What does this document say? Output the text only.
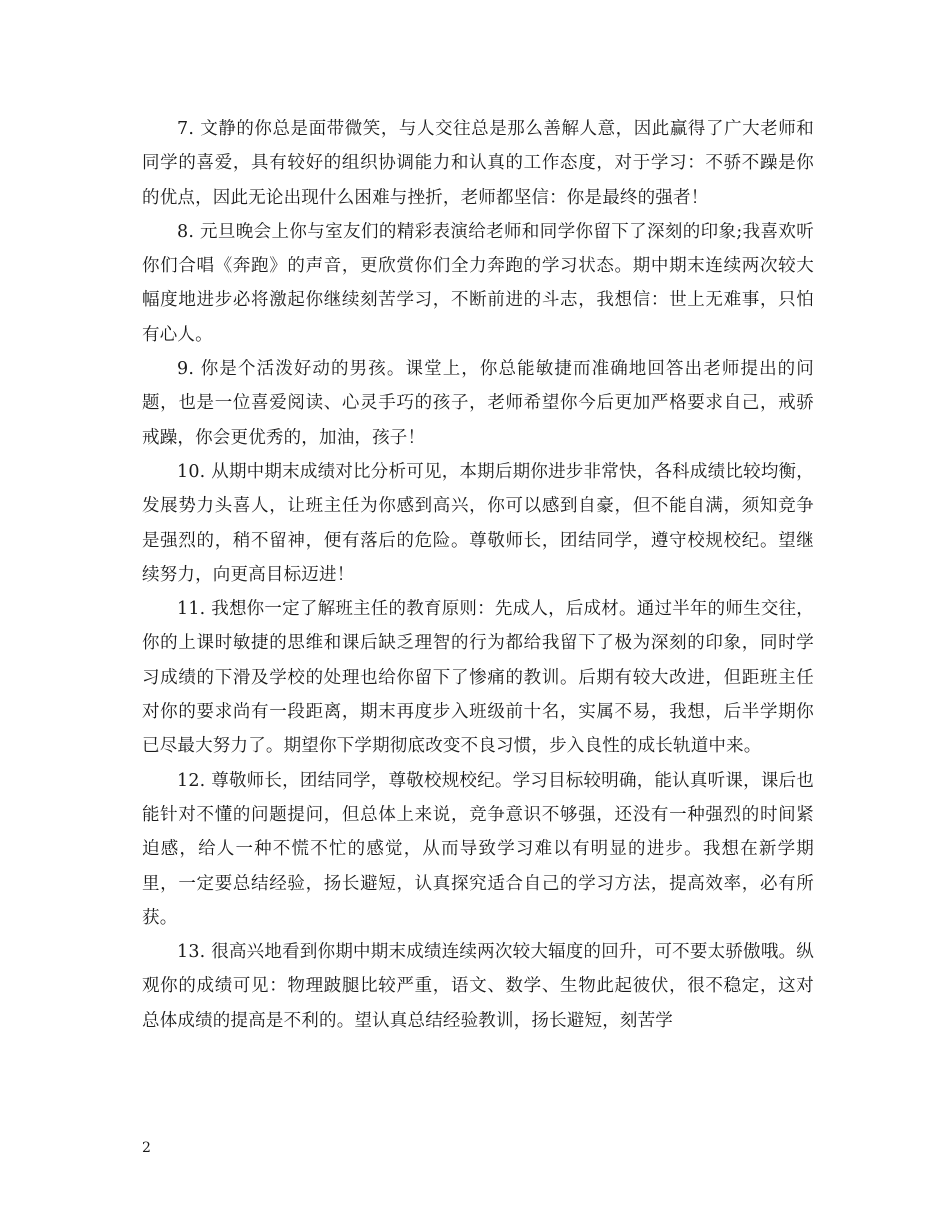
7. 文静的你总是面带微笑，与人交往总是那么善解人意，因此赢得了广大老师和同学的喜爱，具有较好的组织协调能力和认真的工作态度，对于学习：不骄不躁是你的优点，因此无论出现什么困难与挫折，老师都坚信：你是最终的强者！

8. 元旦晚会上你与室友们的精彩表演给老师和同学你留下了深刻的印象;我喜欢听你们合唱《奔跑》的声音，更欣赏你们全力奔跑的学习状态。期中期末连续两次较大幅度地进步必将激起你继续刻苦学习，不断前进的斗志，我想信：世上无难事，只怕有心人。

9. 你是个活泼好动的男孩。课堂上，你总能敏捷而准确地回答出老师提出的问题，也是一位喜爱阅读、心灵手巧的孩子，老师希望你今后更加严格要求自己，戒骄戒躁，你会更优秀的，加油，孩子！

10. 从期中期末成绩对比分析可见，本期后期你进步非常快，各科成绩比较均衡，发展势力头喜人，让班主任为你感到高兴，你可以感到自豪，但不能自满，须知竞争是强烈的，稍不留神，便有落后的危险。尊敬师长，团结同学，遵守校规校纪。望继续努力，向更高目标迈进！

11. 我想你一定了解班主任的教育原则：先成人，后成材。通过半年的师生交往，你的上课时敏捷的思维和课后缺乏理智的行为都给我留下了极为深刻的印象，同时学习成绩的下滑及学校的处理也给你留下了惨痛的教训。后期有较大改进，但距班主任对你的要求尚有一段距离，期末再度步入班级前十名，实属不易，我想，后半学期你已尽最大努力了。期望你下学期彻底改变不良习惯，步入良性的成长轨道中来。

12. 尊敬师长，团结同学，尊敬校规校纪。学习目标较明确，能认真听课，课后也能针对不懂的问题提问，但总体上来说，竞争意识不够强，还没有一种强烈的时间紧迫感，给人一种不慌不忙的感觉，从而导致学习难以有明显的进步。我想在新学期里，一定要总结经验，扬长避短，认真探究适合自己的学习方法，提高效率，必有所获。

13. 很高兴地看到你期中期末成绩连续两次较大辐度的回升，可不要太骄傲哦。纵观你的成绩可见：物理跛腿比较严重，语文、数学、生物此起彼伏，很不稳定，这对总体成绩的提高是不利的。望认真总结经验教训，扬长避短，刻苦学

2
